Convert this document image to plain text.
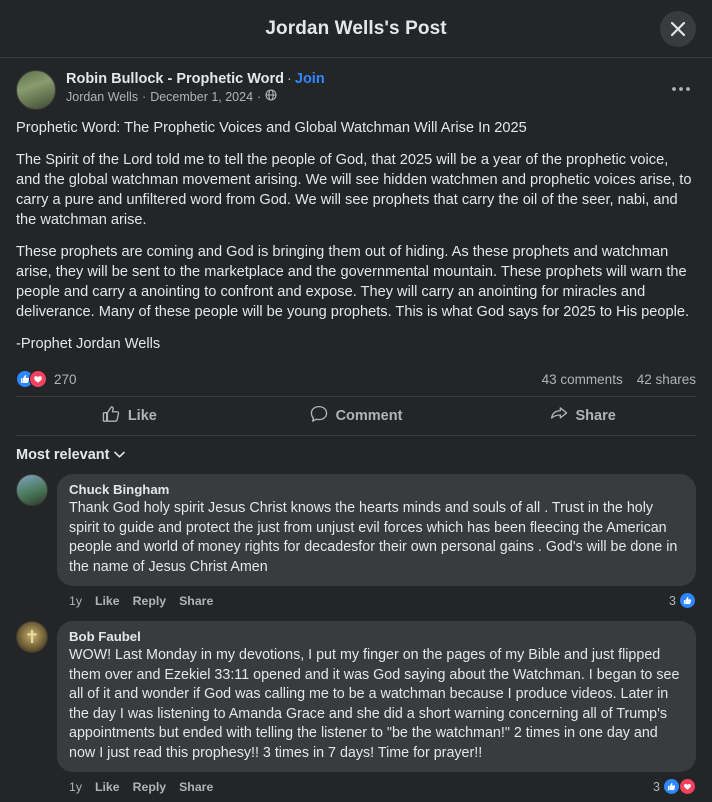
Jordan Wells's Post
Robin Bullock - Prophetic Word · Join
Jordan Wells · December 1, 2024 ·

Prophetic Word: The Prophetic Voices and Global Watchman Will Arise In 2025

The Spirit of the Lord told me to tell the people of God, that 2025 will be a year of the prophetic voice, and the global watchman movement arising. We will see hidden watchmen and prophetic voices arise, to carry a pure and unfiltered word from God. We will see prophets that carry the oil of the seer, nabi, and the watchman arise.

These prophets are coming and God is bringing them out of hiding. As these prophets and watchman arise, they will be sent to the marketplace and the governmental mountain. These prophets will warn the people and carry a anointing to confront and expose. They will carry an anointing for miracles and deliverance. Many of these people will be young prophets. This is what God says for 2025 to His people.

-Prophet Jordan Wells

270	43 comments 42 shares
Like	Comment	Share
Most relevant
Chuck Bingham
Thank God holy spirit Jesus Christ knows the hearts minds and souls of all . Trust in the holy spirit to guide and protect the just from unjust evil forces which has been fleecing the American people and world of money rights for decadesfor their own personal gains . God's will be done in the name of Jesus Christ Amen
1y Like Reply Share	3
✝ Bob Faubel
WOW! Last Monday in my devotions, I put my finger on the pages of my Bible and just flipped them over and Ezekiel 33:11 opened and it was God saying about the Watchman. I began to see all of it and wonder if God was calling me to be a watchman because I produce videos. Later in the day I was listening to Amanda Grace and she did a short warning concerning all of Trump's appointments but ended with telling the listener to "be the watchman!" 2 times in one day and now I just read this prophesy!! 3 times in 7 days! Time for prayer!!
1y Like Reply Share	3
